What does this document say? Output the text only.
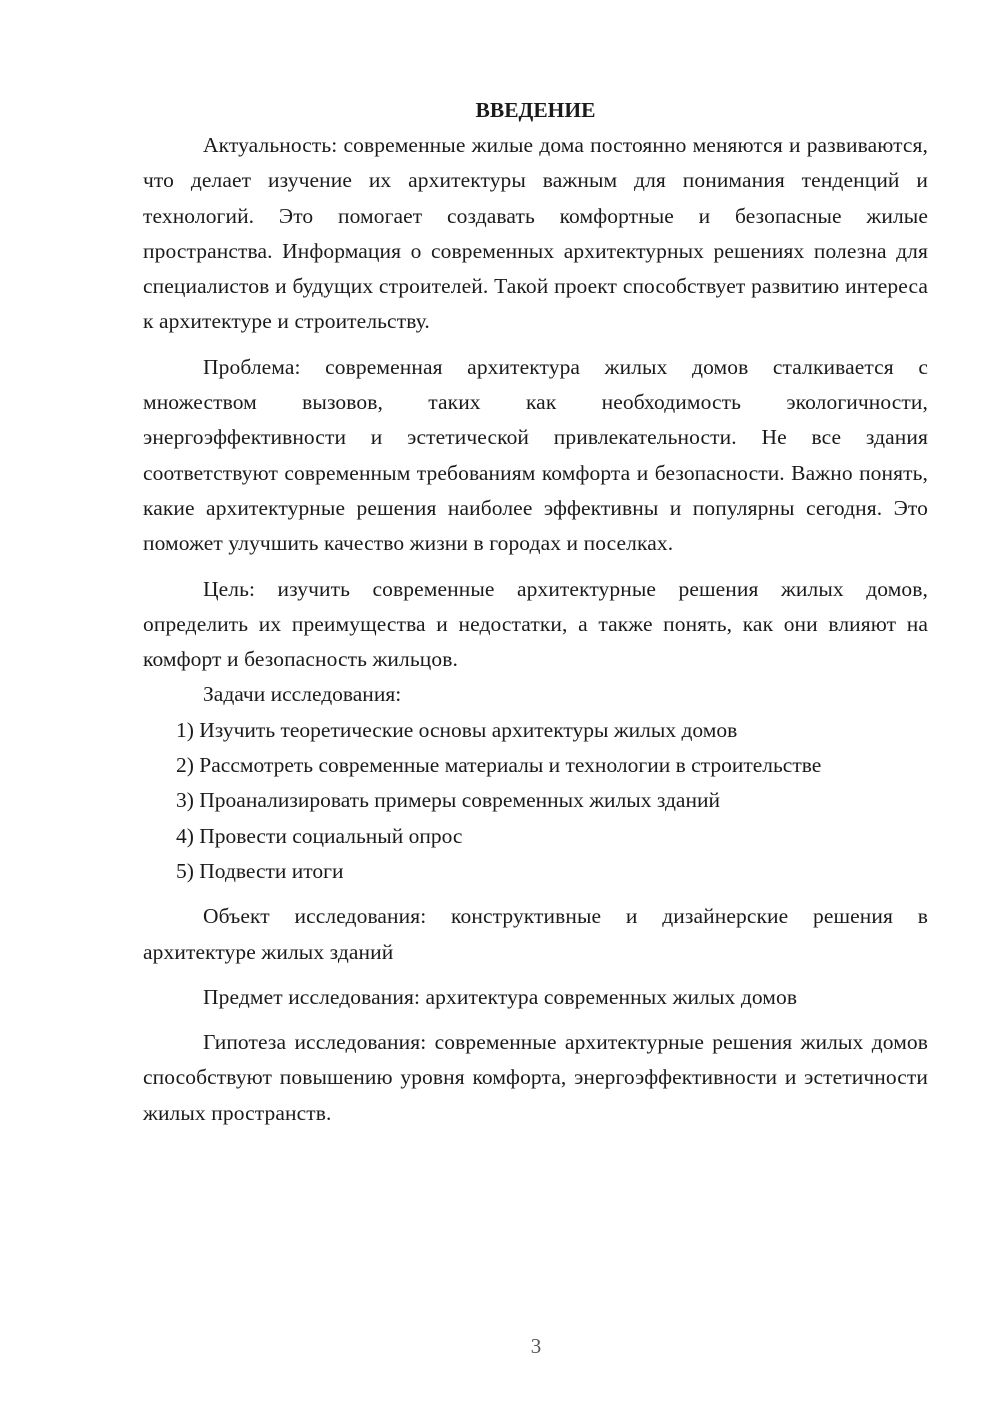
ВВЕДЕНИЕ

Актуальность: современные жилые дома постоянно меняются и развиваются, что делает изучение их архитектуры важным для понимания тенденций и технологий. Это помогает создавать комфортные и безопасные жилые пространства. Информация о современных архитектурных решениях полезна для специалистов и будущих строителей. Такой проект способствует развитию интереса к архитектуре и строительству.

Проблема: современная архитектура жилых домов сталкивается с множеством вызовов, таких как необходимость экологичности, энергоэффективности и эстетической привлекательности. Не все здания соответствуют современным требованиям комфорта и безопасности. Важно понять, какие архитектурные решения наиболее эффективны и популярны сегодня. Это поможет улучшить качество жизни в городах и поселках.

Цель: изучить современные архитектурные решения жилых домов, определить их преимущества и недостатки, а также понять, как они влияют на комфорт и безопасность жильцов.

Задачи исследования:

1) Изучить теоретические основы архитектуры жилых домов

2) Рассмотреть современные материалы и технологии в строительстве

3) Проанализировать примеры современных жилых зданий

4) Провести социальный опрос

5) Подвести итоги

Объект исследования: конструктивные и дизайнерские решения в архитектуре жилых зданий

Предмет исследования: архитектура современных жилых домов

Гипотеза исследования: современные архитектурные решения жилых домов способствуют повышению уровня комфорта, энергоэффективности и эстетичности жилых пространств.

3
